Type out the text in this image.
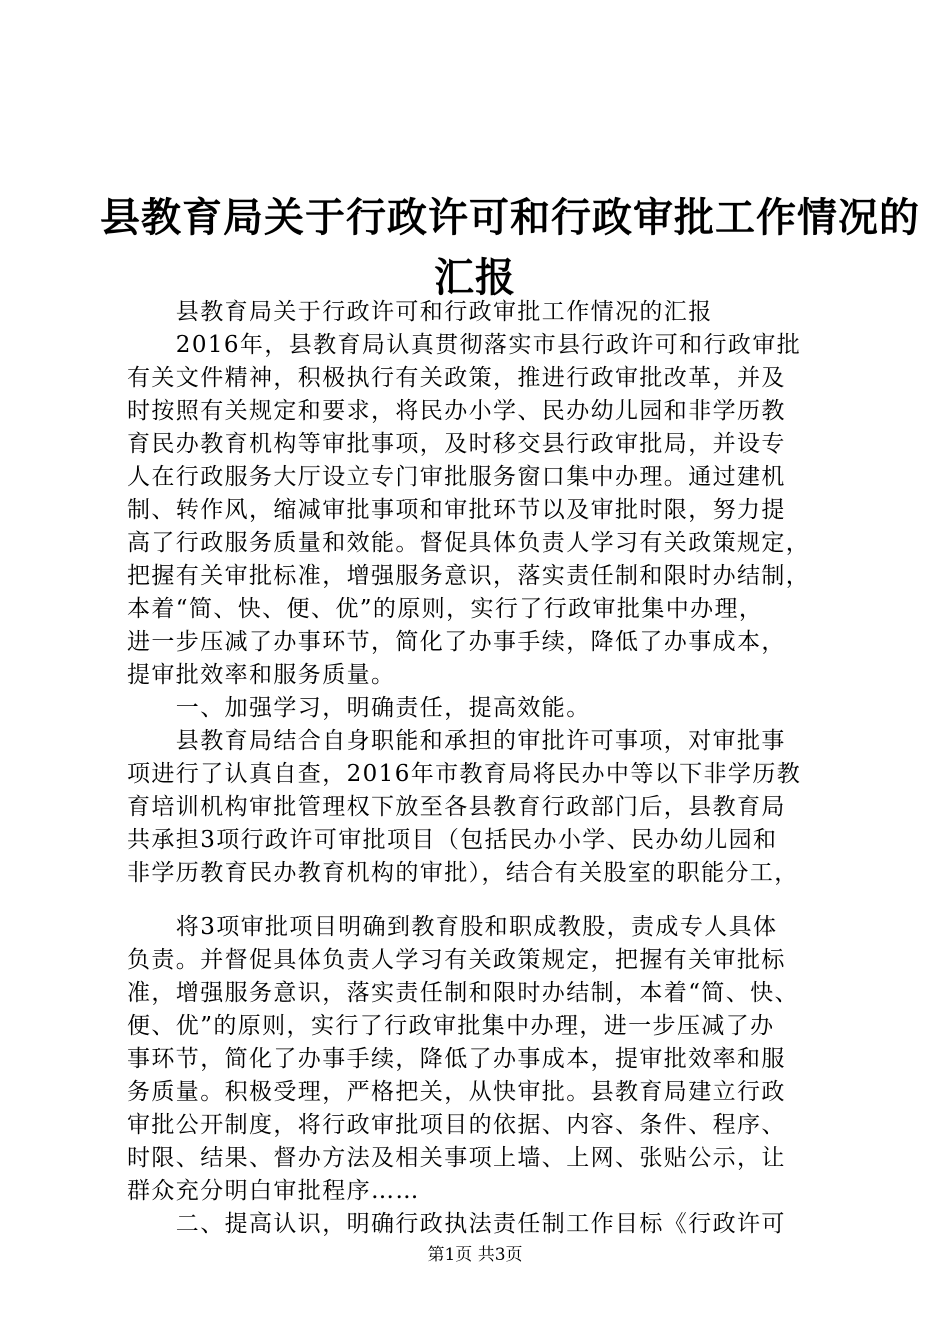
县教育局关于行政许可和行政审批工作情况的
汇报
　　县教育局关于行政许可和行政审批工作情况的汇报
　　2016年，县教育局认真贯彻落实市县行政许可和行政审批
有关文件精神，积极执行有关政策，推进行政审批改革，并及
时按照有关规定和要求，将民办小学、民办幼儿园和非学历教
育民办教育机构等审批事项，及时移交县行政审批局，并设专
人在行政服务大厅设立专门审批服务窗口集中办理。通过建机
制、转作风，缩减审批事项和审批环节以及审批时限，努力提
高了行政服务质量和效能。督促具体负责人学习有关政策规定，
把握有关审批标准，增强服务意识，落实责任制和限时办结制，
本着“简、快、便、优”的原则，实行了行政审批集中办理，
进一步压减了办事环节，简化了办事手续，降低了办事成本，
提审批效率和服务质量。
　　一、加强学习，明确责任，提高效能。
　　县教育局结合自身职能和承担的审批许可事项，对审批事
项进行了认真自查，2016年市教育局将民办中等以下非学历教
育培训机构审批管理权下放至各县教育行政部门后，县教育局
共承担3项行政许可审批项目（包括民办小学、民办幼儿园和
非学历教育民办教育机构的审批），结合有关股室的职能分工，
　　将3项审批项目明确到教育股和职成教股，责成专人具体
负责。并督促具体负责人学习有关政策规定，把握有关审批标
准，增强服务意识，落实责任制和限时办结制，本着“简、快、
便、优”的原则，实行了行政审批集中办理，进一步压减了办
事环节，简化了办事手续，降低了办事成本，提审批效率和服
务质量。积极受理，严格把关，从快审批。县教育局建立行政
审批公开制度，将行政审批项目的依据、内容、条件、程序、
时限、结果、督办方法及相关事项上墙、上网、张贴公示，让
群众充分明白审批程序……
　　二、提高认识，明确行政执法责任制工作目标《行政许可
第1页 共3页
